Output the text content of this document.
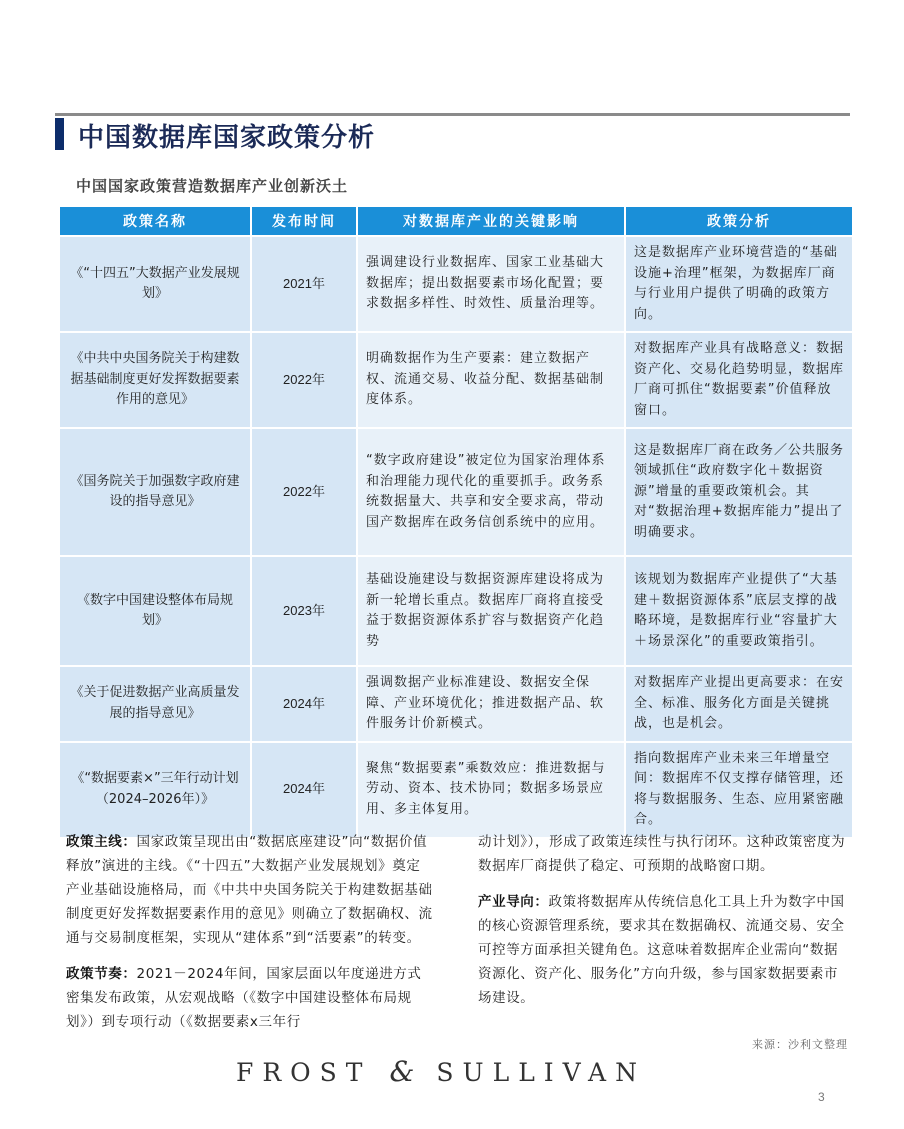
中国数据库国家政策分析
中国国家政策营造数据库产业创新沃土
政策名称	发布时间	对数据库产业的关键影响	政策分析
《“十四五”大数据产业发展规划》	2021年	强调建设行业数据库、国家工业基础大数据库；提出数据要素市场化配置；要求数据多样性、时效性、质量治理等。	这是数据库产业环境营造的“基础设施+治理”框架，为数据库厂商与行业用户提供了明确的政策方向。
《中共中央国务院关于构建数据基础制度更好发挥数据要素作用的意见》	2022年	明确数据作为生产要素：建立数据产权、流通交易、收益分配、数据基础制度体系。	对数据库产业具有战略意义：数据资产化、交易化趋势明显，数据库厂商可抓住“数据要素”价值释放窗口。
《国务院关于加强数字政府建设的指导意见》	2022年	“数字政府建设”被定位为国家治理体系和治理能力现代化的重要抓手。政务系统数据量大、共享和安全要求高，带动国产数据库在政务信创系统中的应用。	这是数据库厂商在政务／公共服务领域抓住“政府数字化＋数据资源”增量的重要政策机会。其对“数据治理+数据库能力”提出了明确要求。
《数字中国建设整体布局规划》	2023年	基础设施建设与数据资源库建设将成为新一轮增长重点。数据库厂商将直接受益于数据资源体系扩容与数据资产化趋势	该规划为数据库产业提供了“大基建＋数据资源体系”底层支撑的战略环境，是数据库行业“容量扩大＋场景深化”的重要政策指引。
《关于促进数据产业高质量发展的指导意见》	2024年	强调数据产业标准建设、数据安全保障、产业环境优化；推进数据产品、软件服务计价新模式。	对数据库产业提出更高要求：在安全、标准、服务化方面是关键挑战，也是机会。
《“数据要素×”三年行动计划（2024–2026年）》	2024年	聚焦“数据要素”乘数效应：推进数据与劳动、资本、技术协同；数据多场景应用、多主体复用。	指向数据库产业未来三年增量空间：数据库不仅支撑存储管理，还将与数据服务、生态、应用紧密融合。

政策主线：国家政策呈现出由“数据底座建设”向“数据价值释放”演进的主线。《“十四五”大数据产业发展规划》奠定产业基础设施格局，而《中共中央国务院关于构建数据基础制度更好发挥数据要素作用的意见》则确立了数据确权、流通与交易制度框架，实现从“建体系”到“活要素”的转变。

政策节奏：2021－2024年间，国家层面以年度递进方式密集发布政策，从宏观战略（《数字中国建设整体布局规划》）到专项行动（《数据要素x三年行

动计划》），形成了政策连续性与执行闭环。这种政策密度为数据库厂商提供了稳定、可预期的战略窗口期。

产业导向：政策将数据库从传统信息化工具上升为数字中国的核心资源管理系统，要求其在数据确权、流通交易、安全可控等方面承担关键角色。这意味着数据库企业需向“数据资源化、资产化、服务化”方向升级，参与国家数据要素市场建设。

来源：沙利文整理
FROST & SULLIVAN
3
